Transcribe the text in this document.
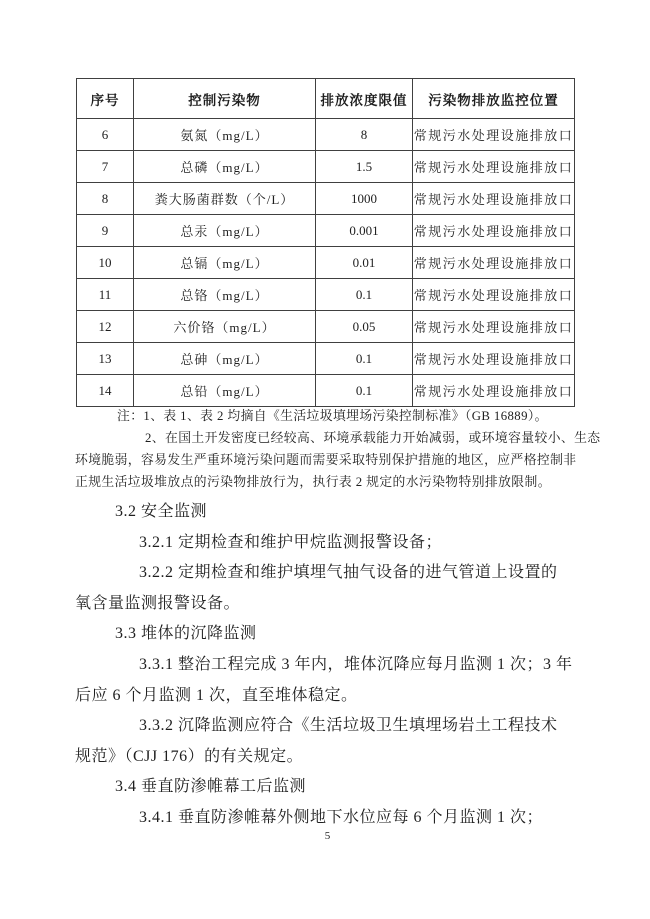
序号	控制污染物	排放浓度限值	污染物排放监控位置
6	氨氮（mg/L）	8	常规污水处理设施排放口
7	总磷（mg/L）	1.5	常规污水处理设施排放口
8	粪大肠菌群数（个/L）	1000	常规污水处理设施排放口
9	总汞（mg/L）	0.001	常规污水处理设施排放口
10	总镉（mg/L）	0.01	常规污水处理设施排放口
11	总铬（mg/L）	0.1	常规污水处理设施排放口
12	六价铬（mg/L）	0.05	常规污水处理设施排放口
13	总砷（mg/L）	0.1	常规污水处理设施排放口
14	总铅（mg/L）	0.1	常规污水处理设施排放口
注：1、表 1、表 2 均摘自《生活垃圾填埋场污染控制标准》（GB 16889）。
2、在国土开发密度已经较高、环境承载能力开始减弱，或环境容量较小、生态
环境脆弱，容易发生严重环境污染问题而需要采取特别保护措施的地区，应严格控制非
正规生活垃圾堆放点的污染物排放行为，执行表 2 规定的水污染物特别排放限制。
3.2 安全监测
3.2.1 定期检查和维护甲烷监测报警设备；
3.2.2 定期检查和维护填埋气抽气设备的进气管道上设置的
氧含量监测报警设备。
3.3 堆体的沉降监测
3.3.1 整治工程完成 3 年内，堆体沉降应每月监测 1 次；3 年
后应 6 个月监测 1 次，直至堆体稳定。
3.3.2 沉降监测应符合《生活垃圾卫生填埋场岩土工程技术
规范》（CJJ 176）的有关规定。
3.4 垂直防渗帷幕工后监测
3.4.1 垂直防渗帷幕外侧地下水位应每 6 个月监测 1 次；
5
